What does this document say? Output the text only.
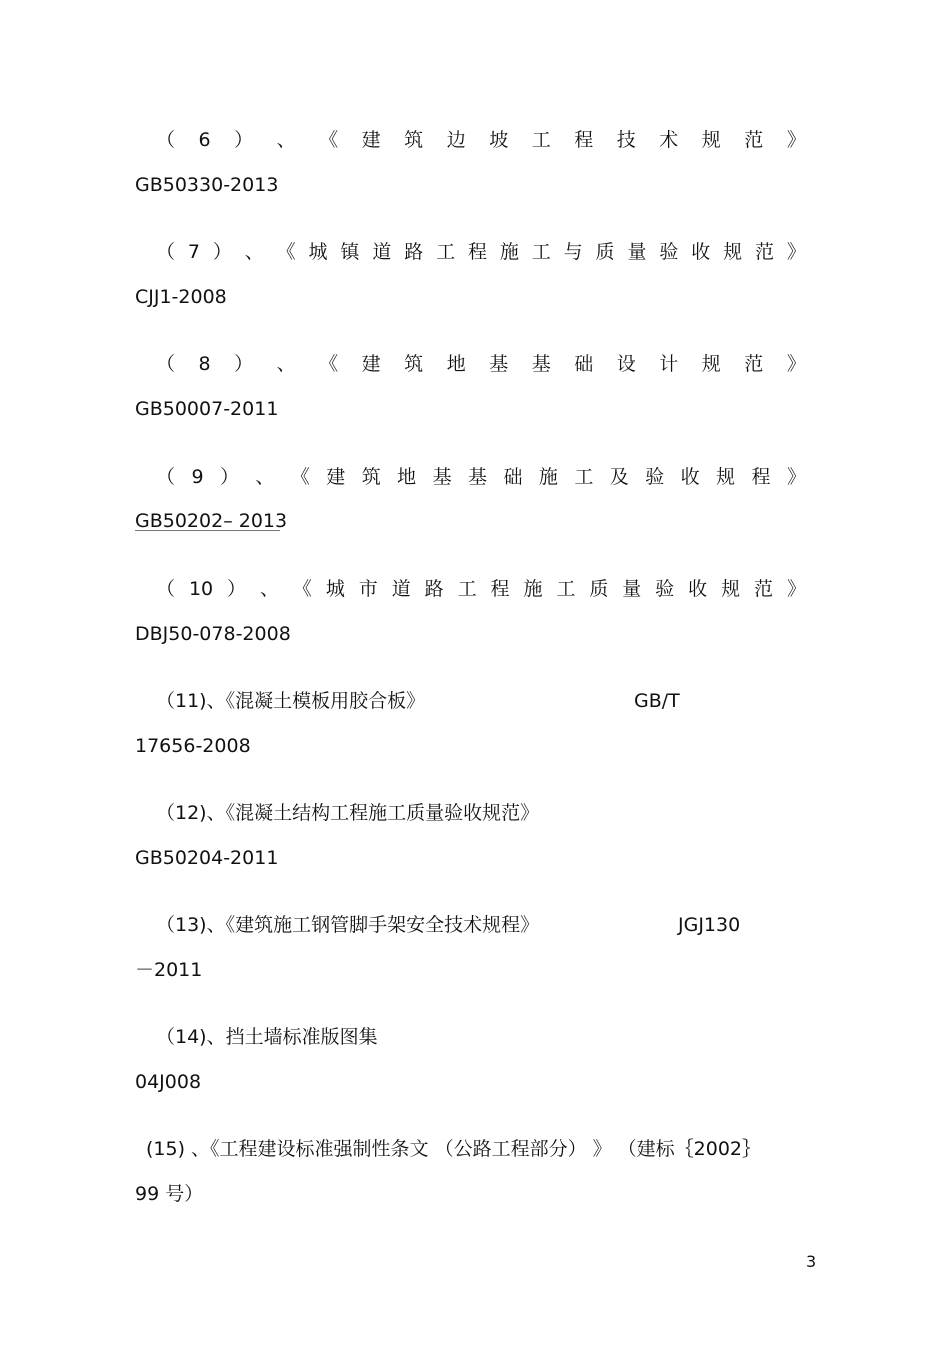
（ 6 ） 、 《 建 筑 边 坡 工 程 技 术 规 范 》
GB50330-2013
（ 7 ） 、 《 城 镇 道 路 工 程 施 工 与 质 量 验 收 规 范 》
CJJ1-2008
（ 8 ） 、 《 建 筑 地 基 基 础 设 计 规 范 》
GB50007-2011
（ 9 ） 、 《 建 筑 地 基 基 础 施 工 及 验 收 规 程 》
GB50202– 2013
（ 10 ） 、 《 城 市 道 路 工 程 施 工 质 量 验 收 规 范 》
DBJ50-078-2008
（11)、《混凝土模板用胶合板》	GB/T
17656-2008
（12)、《混凝土结构工程施工质量验收规范》
GB50204-2011
（13)、《建筑施工钢管脚手架安全技术规程》	JGJ130
－2011
（14)、挡土墙标准版图集
04J008
(15) 、《工程建设标准强制性条文 （公路工程部分） 》 （建标｛2002｝
99 号）
3
